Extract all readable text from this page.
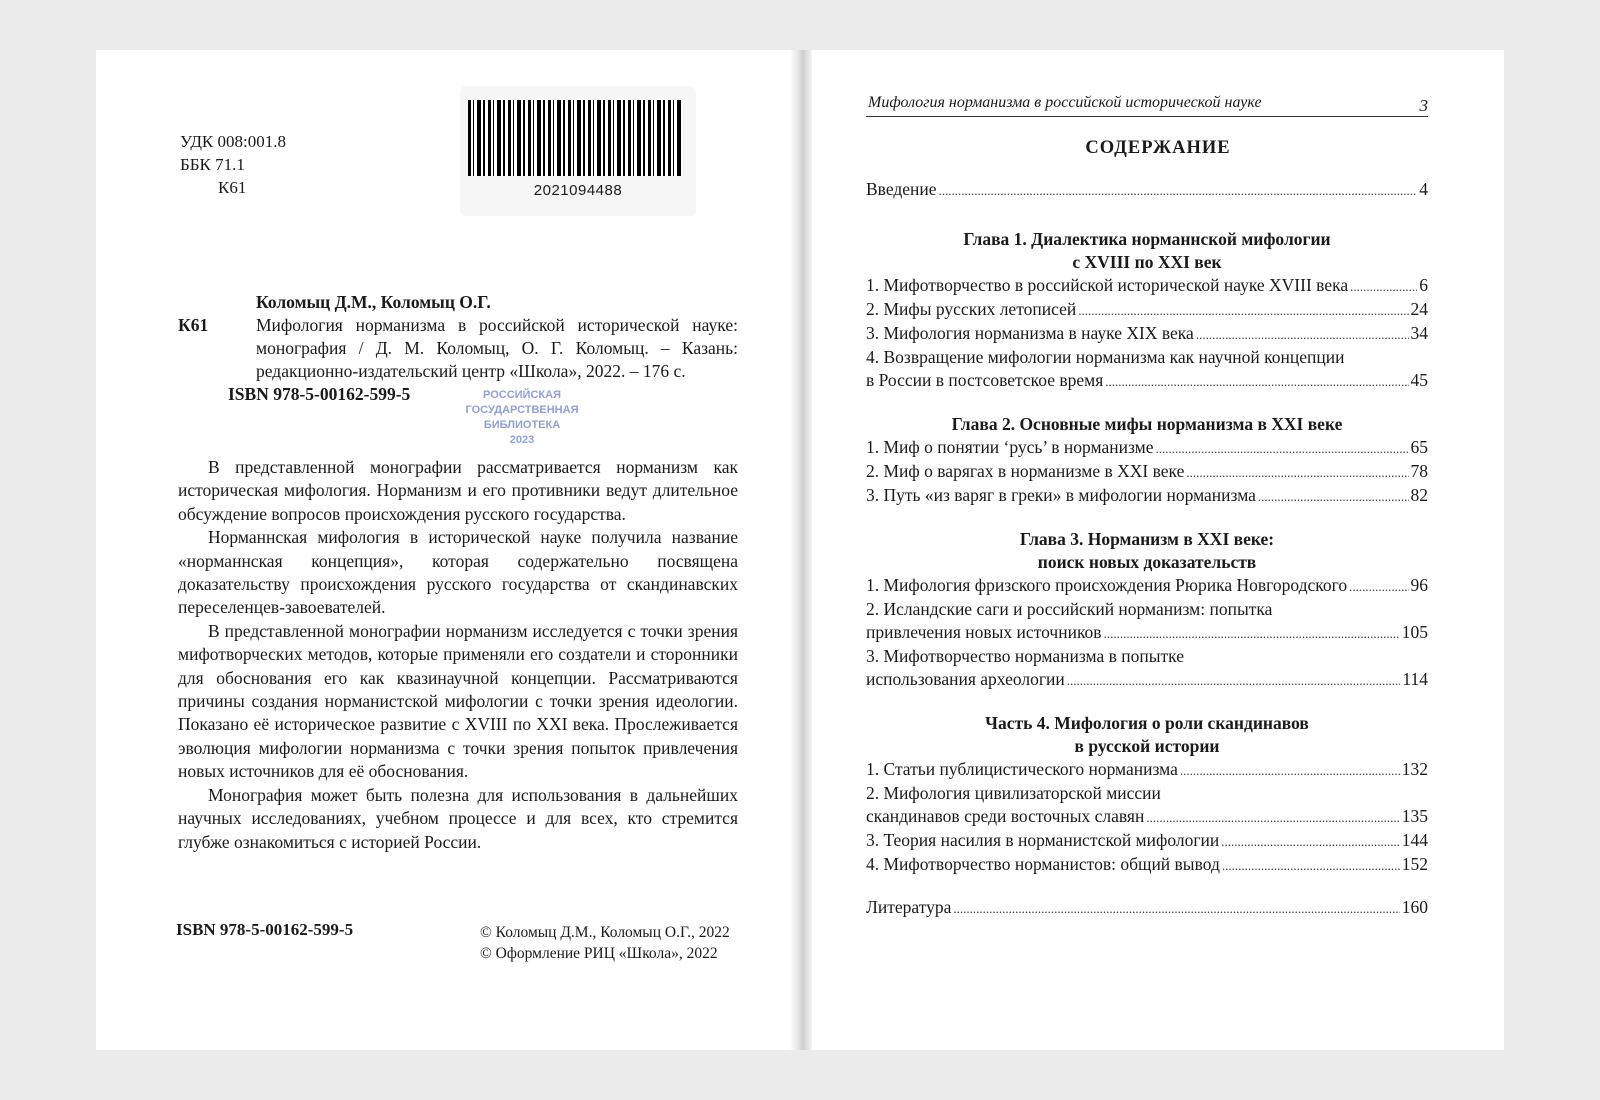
УДК 008:001.8
ББК 71.1
К61	2021094488
Коломыц Д.М., Коломыц О.Г.
К61	Мифология норманизма в российской исторической науке: монография / Д. М. Коломыц, О. Г. Коломыц. – Казань: редакционно-издательский центр «Школа», 2022. – 176 с.
ISBN 978-5-00162-599-5	РОССИЙСКАЯ
ГОСУДАРСТВЕННАЯ
БИБЛИОТЕКА
2023

В представленной монографии рассматривается норманизм как историческая мифология. Норманизм и его противники ведут длительное обсуждение вопросов происхождения русского государства.

Норманнская мифология в исторической науке получила название «норманнская концепция», которая содержательно посвящена доказательству происхождения русского государства от скандинавских переселенцев-завоевателей.

В представленной монографии норманизм исследуется с точки зрения мифотворческих методов, которые применяли его создатели и сторонники для обоснования его как квазинаучной концепции. Рассматриваются причины создания норманистской мифологии с точки зрения идеологии. Показано её историческое развитие с XVIII по XXI века. Прослеживается эволюция мифологии норманизма с точки зрения попыток привлечения новых источников для её обоснования.

Монография может быть полезна для использования в дальнейших научных исследованиях, учебном процессе и для всех, кто стремится глубже ознакомиться с историей России.

ISBN 978-5-00162-599-5	© Коломыц Д.М., Коломыц О.Г., 2022
© Оформление РИЦ «Школа», 2022
Мифология норманизма в российской исторической науке	3
СОДЕРЖАНИЕ
Введение .....	4
Глава 1. Диалектика норманнской мифологии
с XVIII по XXI век
1. Мифотворчество в российской исторической науке XVIII века .....	6
2. Мифы русских летописей .....	24
3. Мифология норманизма в науке XIX века .....	34
4. Возвращение мифологии норманизма как научной концепции
в России в постсоветское время .....	45
Глава 2. Основные мифы норманизма в XXI веке
1. Миф о понятии ‘русь’ в норманизме .....	65
2. Миф о варягах в норманизме в XXI веке .....	78
3. Путь «из варяг в греки» в мифологии норманизма .....	82
Глава 3. Норманизм в XXI веке:
поиск новых доказательств
1. Мифология фризского происхождения Рюрика Новгородского .....	96
2. Исландские саги и российский норманизм: попытка
привлечения новых источников .....	105
3. Мифотворчество норманизма в попытке
использования археологии .....	114
Часть 4. Мифология о роли скандинавов
в русской истории
1. Статьи публицистического норманизма .....	132
2. Мифология цивилизаторской миссии
скандинавов среди восточных славян .....	135
3. Теория насилия в норманистской мифологии .....	144
4. Мифотворчество норманистов: общий вывод .....	152
Литература .....	160
